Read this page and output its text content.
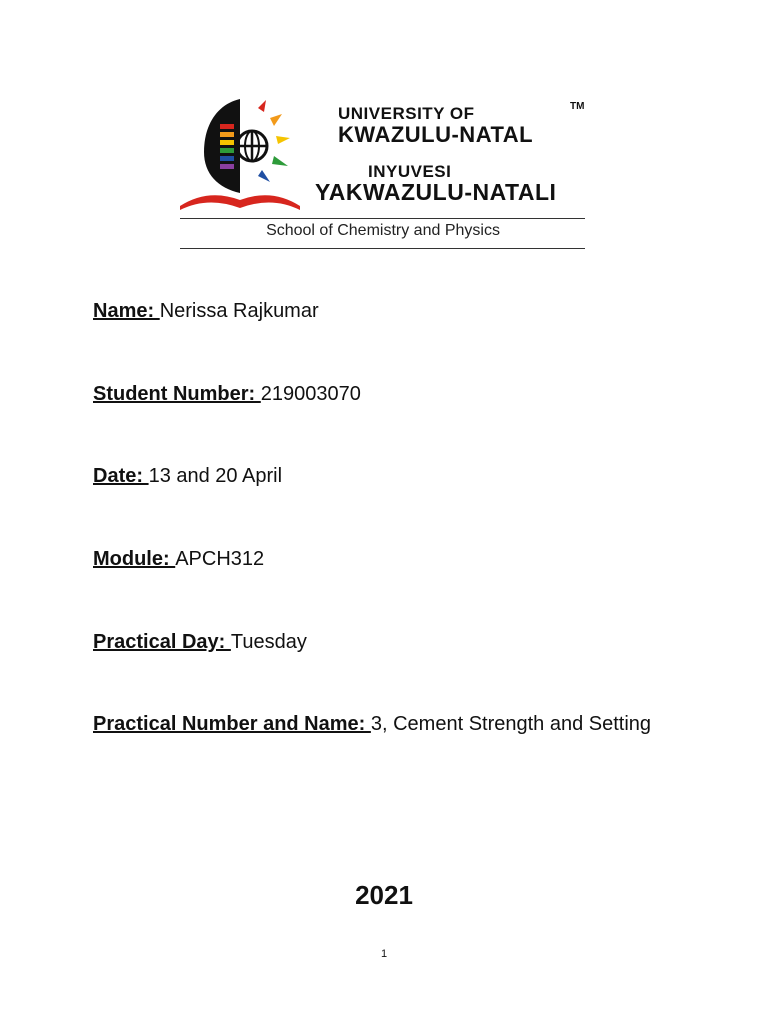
UNIVERSITY OF
KWAZULU-NATAL
TM
INYUVESI
YAKWAZULU-NATALI
School of Chemistry and Physics
Name: Nerissa Rajkumar
Student Number: 219003070
Date: 13 and 20 April
Module: APCH312
Practical Day: Tuesday
Practical Number and Name: 3, Cement Strength and Setting
2021
1
